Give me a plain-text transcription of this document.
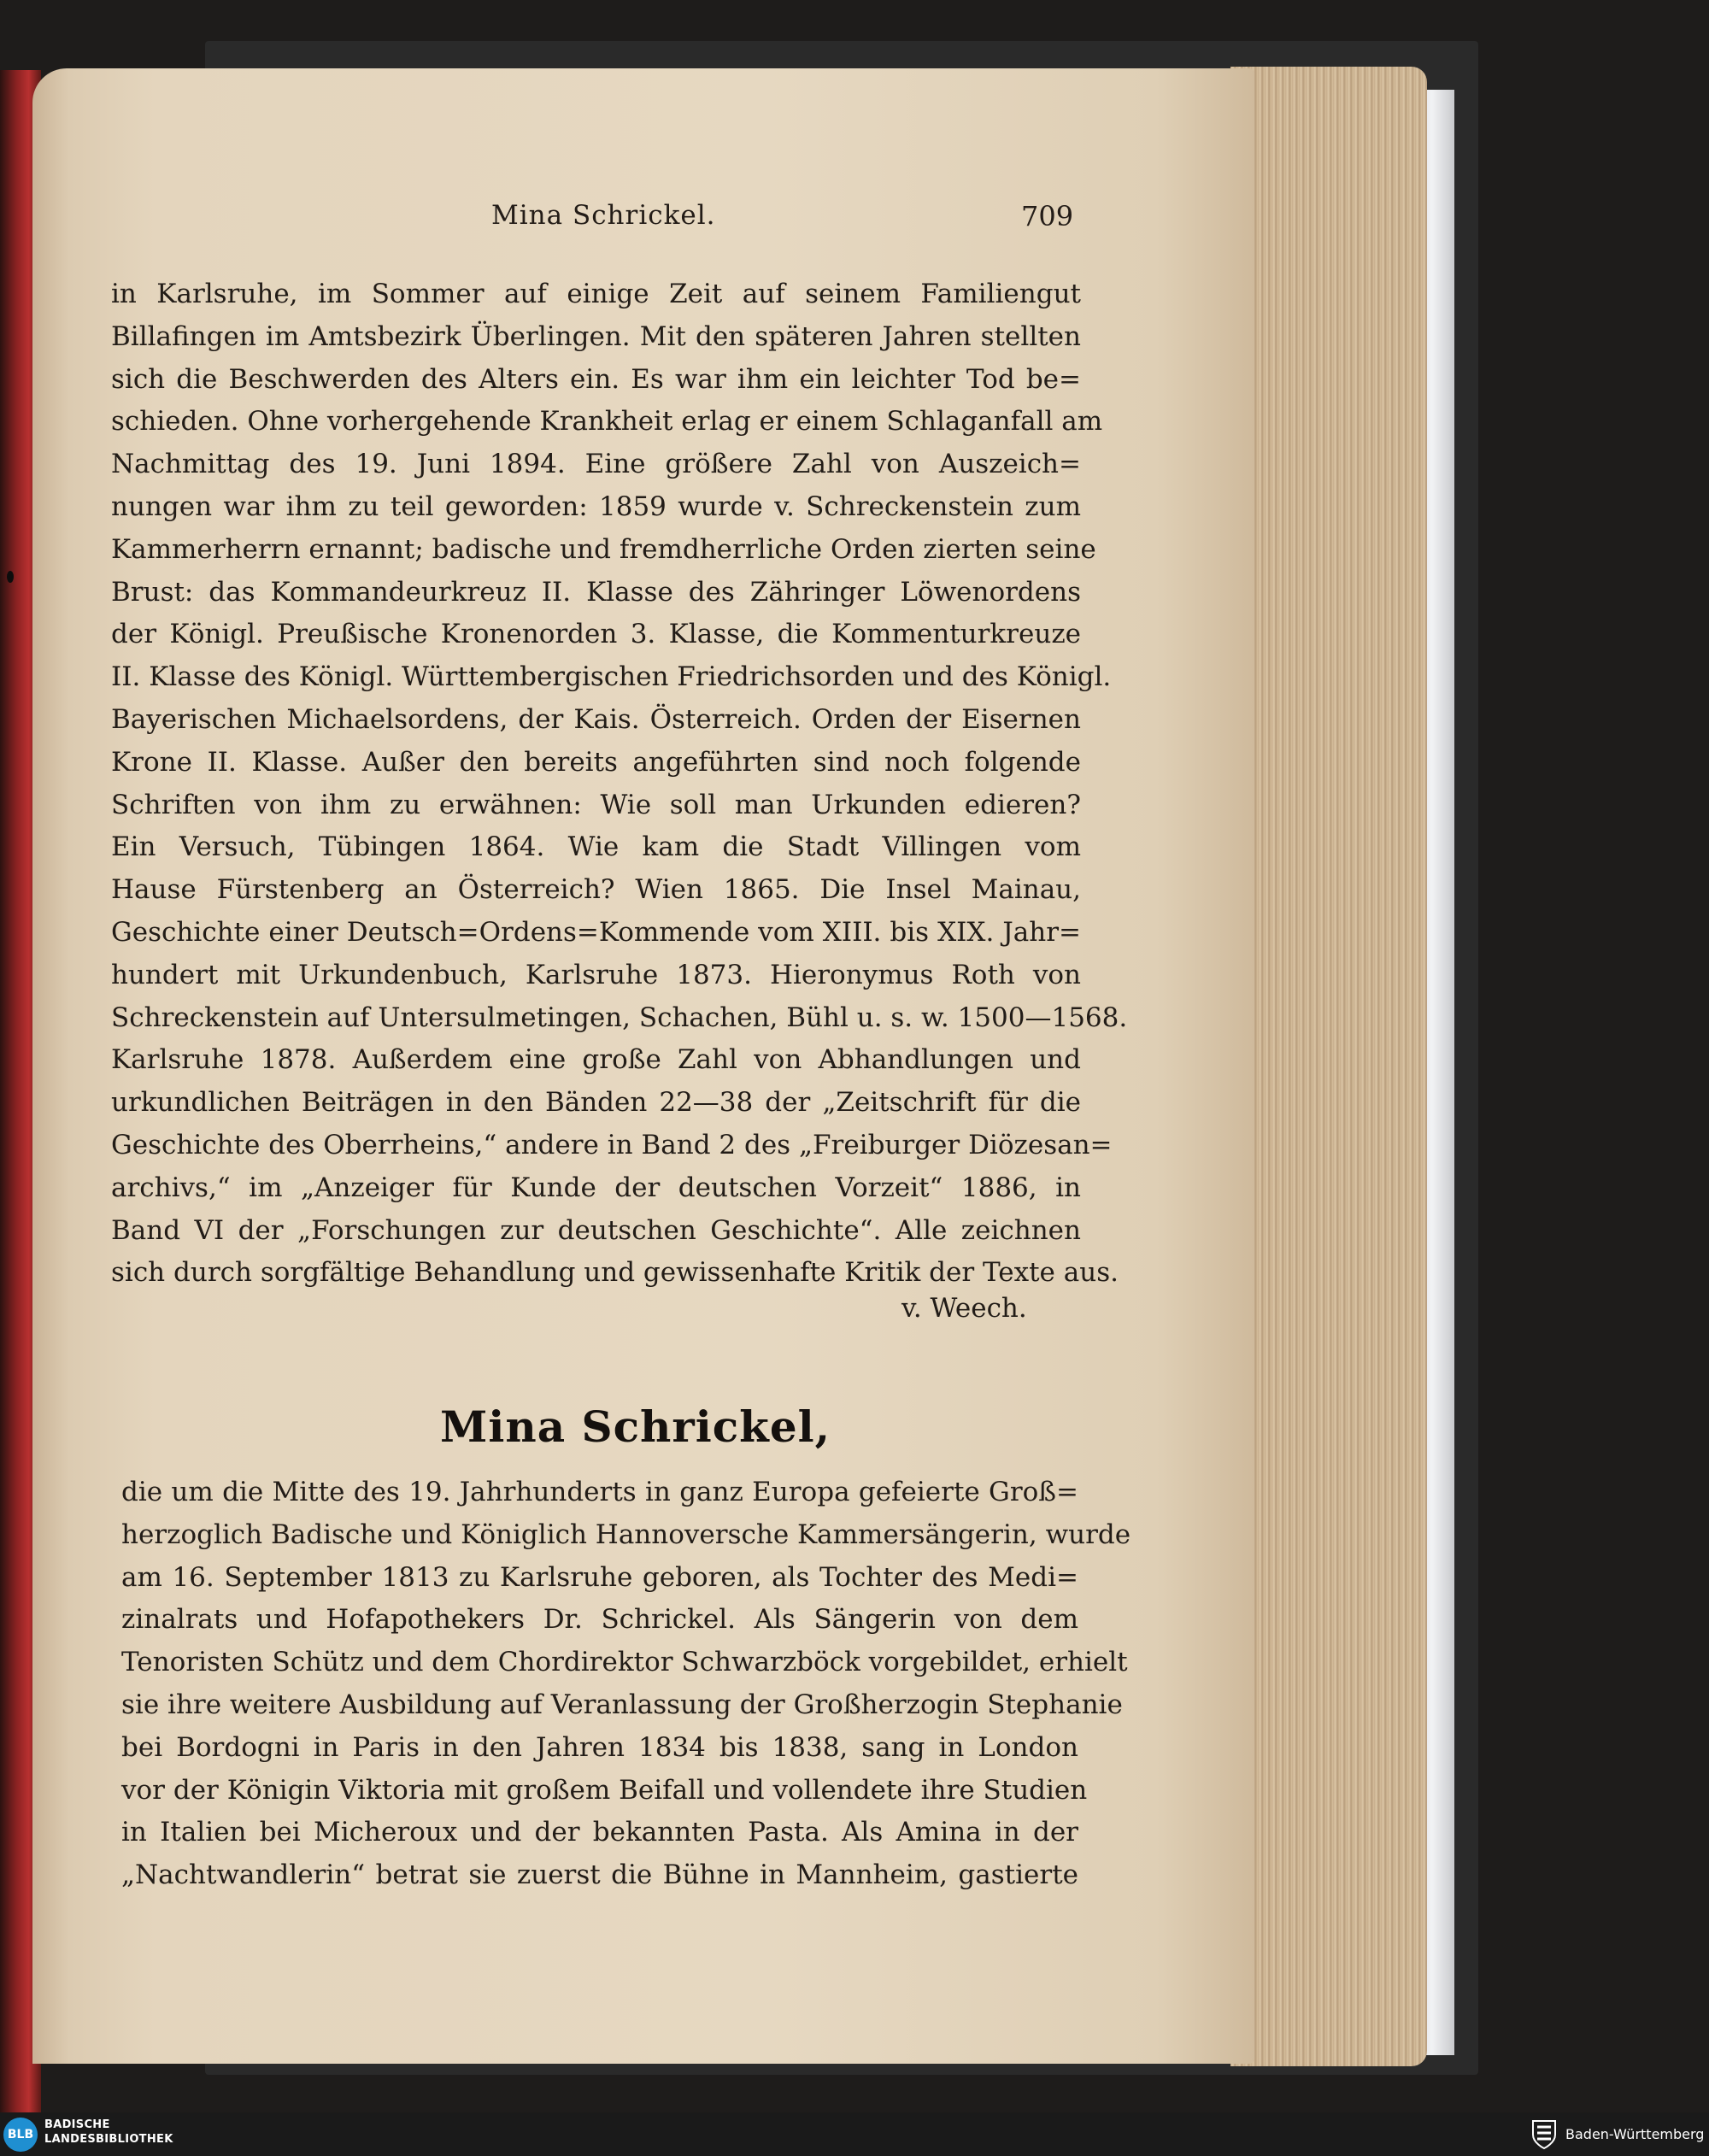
Mina Schrickel.	709
in Karlsruhe, im Sommer auf einige Zeit auf seinem Familiengut
Billafingen im Amtsbezirk Überlingen. Mit den späteren Jahren stellten
sich die Beschwerden des Alters ein. Es war ihm ein leichter Tod be=
schieden. Ohne vorhergehende Krankheit erlag er einem Schlaganfall am
Nachmittag des 19. Juni 1894. Eine größere Zahl von Auszeich=
nungen war ihm zu teil geworden: 1859 wurde v. Schreckenstein zum
Kammerherrn ernannt; badische und fremdherrliche Orden zierten seine
Brust: das Kommandeurkreuz II. Klasse des Zähringer Löwenordens
der Königl. Preußische Kronenorden 3. Klasse, die Kommenturkreuze
II. Klasse des Königl. Württembergischen Friedrichsorden und des Königl.
Bayerischen Michaelsordens, der Kais. Österreich. Orden der Eisernen
Krone II. Klasse. Außer den bereits angeführten sind noch folgende
Schriften von ihm zu erwähnen: Wie soll man Urkunden edieren?
Ein Versuch, Tübingen 1864. Wie kam die Stadt Villingen vom
Hause Fürstenberg an Österreich? Wien 1865. Die Insel Mainau,
Geschichte einer Deutsch=Ordens=Kommende vom XIII. bis XIX. Jahr=
hundert mit Urkundenbuch, Karlsruhe 1873. Hieronymus Roth von
Schreckenstein auf Untersulmetingen, Schachen, Bühl u. s. w. 1500—1568.
Karlsruhe 1878. Außerdem eine große Zahl von Abhandlungen und
urkundlichen Beiträgen in den Bänden 22—38 der „Zeitschrift für die
Geschichte des Oberrheins,“ andere in Band 2 des „Freiburger Diözesan=
archivs,“ im „Anzeiger für Kunde der deutschen Vorzeit“ 1886, in
Band VI der „Forschungen zur deutschen Geschichte“. Alle zeichnen
sich durch sorgfältige Behandlung und gewissenhafte Kritik der Texte aus.
v. Weech.
Mina Schrickel,
die um die Mitte des 19. Jahrhunderts in ganz Europa gefeierte Groß=
herzoglich Badische und Königlich Hannoversche Kammersängerin, wurde
am 16. September 1813 zu Karlsruhe geboren, als Tochter des Medi=
zinalrats und Hofapothekers Dr. Schrickel. Als Sängerin von dem
Tenoristen Schütz und dem Chordirektor Schwarzböck vorgebildet, erhielt
sie ihre weitere Ausbildung auf Veranlassung der Großherzogin Stephanie
bei Bordogni in Paris in den Jahren 1834 bis 1838, sang in London
vor der Königin Viktoria mit großem Beifall und vollendete ihre Studien
in Italien bei Micheroux und der bekannten Pasta. Als Amina in der
„Nachtwandlerin“ betrat sie zuerst die Bühne in Mannheim, gastierte
BLB
BADISCHE
LANDESBIBLIOTHEK	Baden-Württemberg
